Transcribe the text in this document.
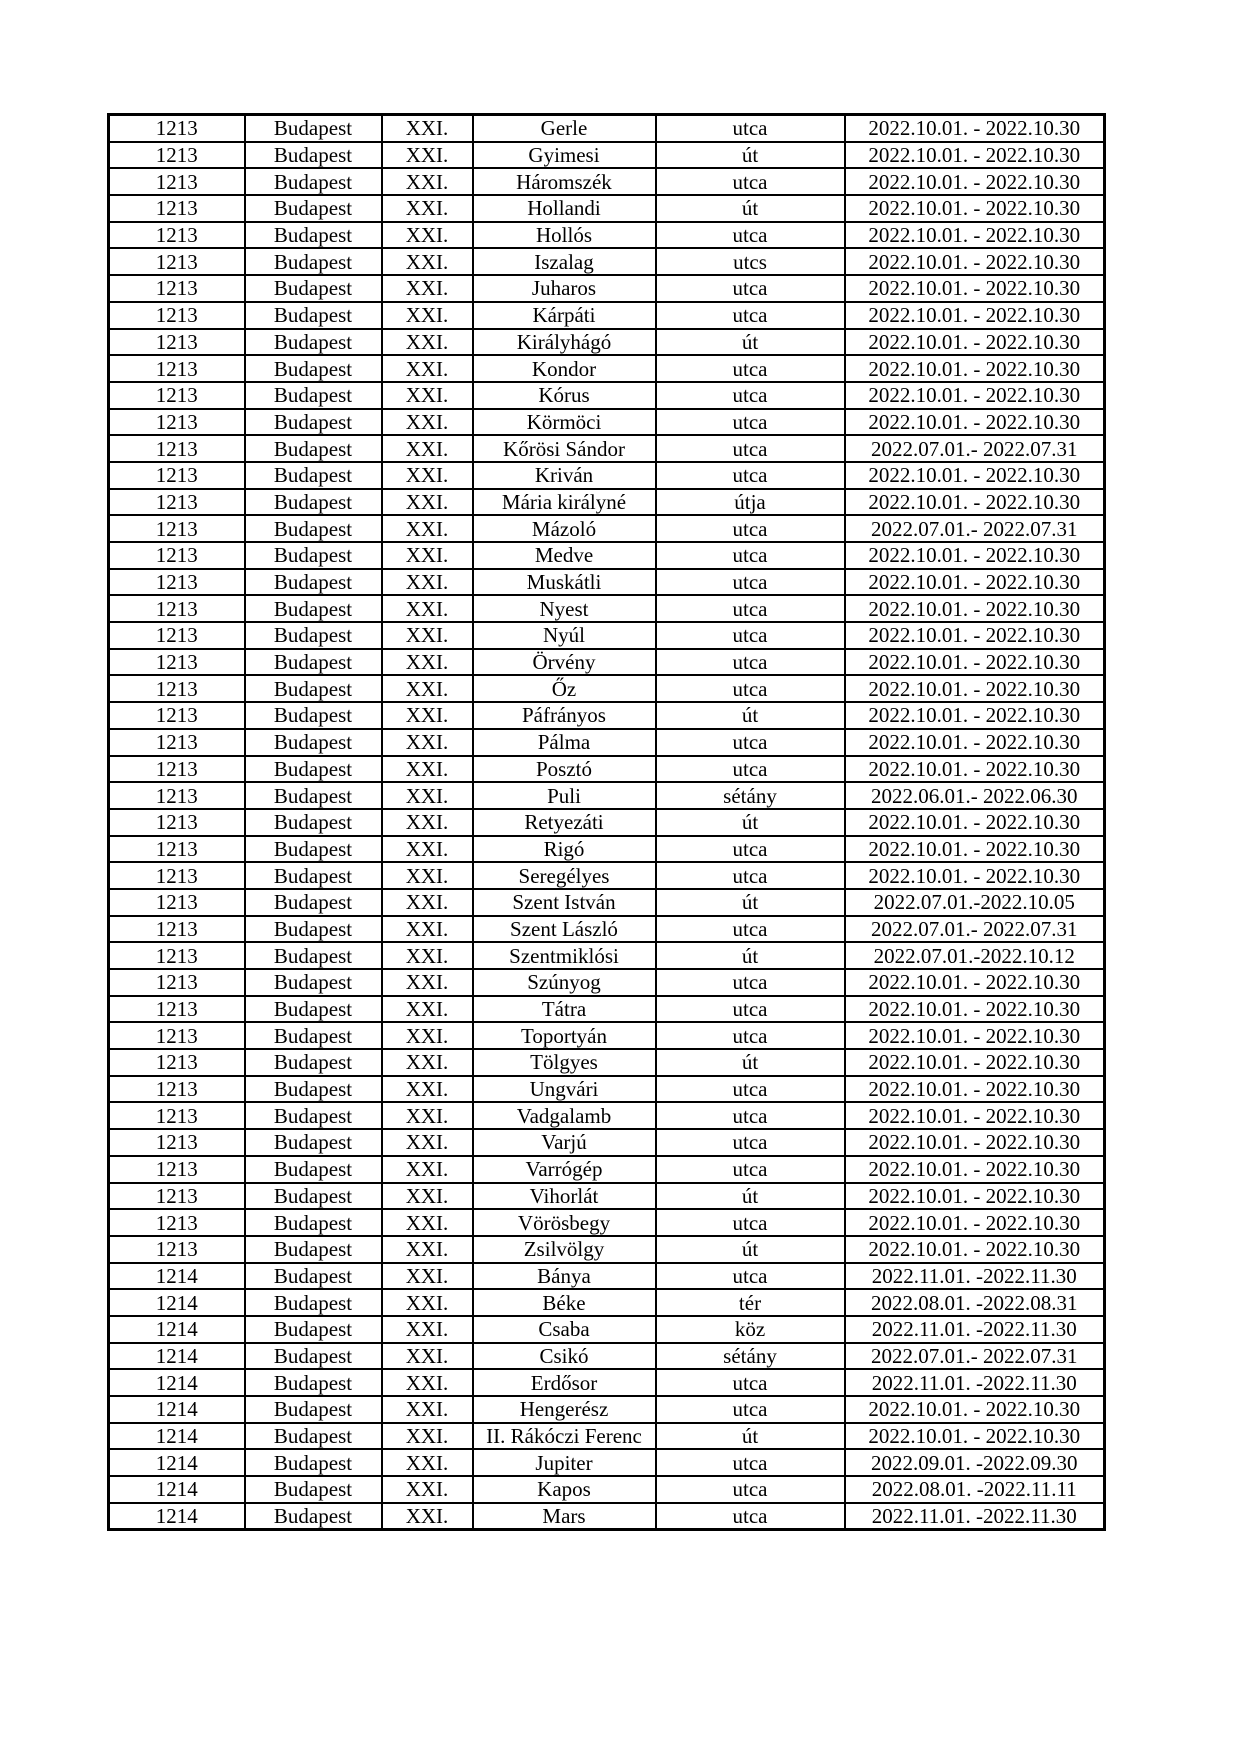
1213	Budapest	XXI.	Gerle	utca	2022.10.01. - 2022.10.30
1213	Budapest	XXI.	Gyimesi	út	2022.10.01. - 2022.10.30
1213	Budapest	XXI.	Háromszék	utca	2022.10.01. - 2022.10.30
1213	Budapest	XXI.	Hollandi	út	2022.10.01. - 2022.10.30
1213	Budapest	XXI.	Hollós	utca	2022.10.01. - 2022.10.30
1213	Budapest	XXI.	Iszalag	utcs	2022.10.01. - 2022.10.30
1213	Budapest	XXI.	Juharos	utca	2022.10.01. - 2022.10.30
1213	Budapest	XXI.	Kárpáti	utca	2022.10.01. - 2022.10.30
1213	Budapest	XXI.	Királyhágó	út	2022.10.01. - 2022.10.30
1213	Budapest	XXI.	Kondor	utca	2022.10.01. - 2022.10.30
1213	Budapest	XXI.	Kórus	utca	2022.10.01. - 2022.10.30
1213	Budapest	XXI.	Körmöci	utca	2022.10.01. - 2022.10.30
1213	Budapest	XXI.	Kőrösi Sándor	utca	2022.07.01.- 2022.07.31
1213	Budapest	XXI.	Kriván	utca	2022.10.01. - 2022.10.30
1213	Budapest	XXI.	Mária királyné	útja	2022.10.01. - 2022.10.30
1213	Budapest	XXI.	Mázoló	utca	2022.07.01.- 2022.07.31
1213	Budapest	XXI.	Medve	utca	2022.10.01. - 2022.10.30
1213	Budapest	XXI.	Muskátli	utca	2022.10.01. - 2022.10.30
1213	Budapest	XXI.	Nyest	utca	2022.10.01. - 2022.10.30
1213	Budapest	XXI.	Nyúl	utca	2022.10.01. - 2022.10.30
1213	Budapest	XXI.	Örvény	utca	2022.10.01. - 2022.10.30
1213	Budapest	XXI.	Őz	utca	2022.10.01. - 2022.10.30
1213	Budapest	XXI.	Páfrányos	út	2022.10.01. - 2022.10.30
1213	Budapest	XXI.	Pálma	utca	2022.10.01. - 2022.10.30
1213	Budapest	XXI.	Posztó	utca	2022.10.01. - 2022.10.30
1213	Budapest	XXI.	Puli	sétány	2022.06.01.- 2022.06.30
1213	Budapest	XXI.	Retyezáti	út	2022.10.01. - 2022.10.30
1213	Budapest	XXI.	Rigó	utca	2022.10.01. - 2022.10.30
1213	Budapest	XXI.	Seregélyes	utca	2022.10.01. - 2022.10.30
1213	Budapest	XXI.	Szent István	út	2022.07.01.-2022.10.05
1213	Budapest	XXI.	Szent László	utca	2022.07.01.- 2022.07.31
1213	Budapest	XXI.	Szentmiklósi	út	2022.07.01.-2022.10.12
1213	Budapest	XXI.	Szúnyog	utca	2022.10.01. - 2022.10.30
1213	Budapest	XXI.	Tátra	utca	2022.10.01. - 2022.10.30
1213	Budapest	XXI.	Toportyán	utca	2022.10.01. - 2022.10.30
1213	Budapest	XXI.	Tölgyes	út	2022.10.01. - 2022.10.30
1213	Budapest	XXI.	Ungvári	utca	2022.10.01. - 2022.10.30
1213	Budapest	XXI.	Vadgalamb	utca	2022.10.01. - 2022.10.30
1213	Budapest	XXI.	Varjú	utca	2022.10.01. - 2022.10.30
1213	Budapest	XXI.	Varrógép	utca	2022.10.01. - 2022.10.30
1213	Budapest	XXI.	Vihorlát	út	2022.10.01. - 2022.10.30
1213	Budapest	XXI.	Vörösbegy	utca	2022.10.01. - 2022.10.30
1213	Budapest	XXI.	Zsilvölgy	út	2022.10.01. - 2022.10.30
1214	Budapest	XXI.	Bánya	utca	2022.11.01. -2022.11.30
1214	Budapest	XXI.	Béke	tér	2022.08.01. -2022.08.31
1214	Budapest	XXI.	Csaba	köz	2022.11.01. -2022.11.30
1214	Budapest	XXI.	Csikó	sétány	2022.07.01.- 2022.07.31
1214	Budapest	XXI.	Erdősor	utca	2022.11.01. -2022.11.30
1214	Budapest	XXI.	Hengerész	utca	2022.10.01. - 2022.10.30
1214	Budapest	XXI.	II. Rákóczi Ferenc	út	2022.10.01. - 2022.10.30
1214	Budapest	XXI.	Jupiter	utca	2022.09.01. -2022.09.30
1214	Budapest	XXI.	Kapos	utca	2022.08.01. -2022.11.11
1214	Budapest	XXI.	Mars	utca	2022.11.01. -2022.11.30
